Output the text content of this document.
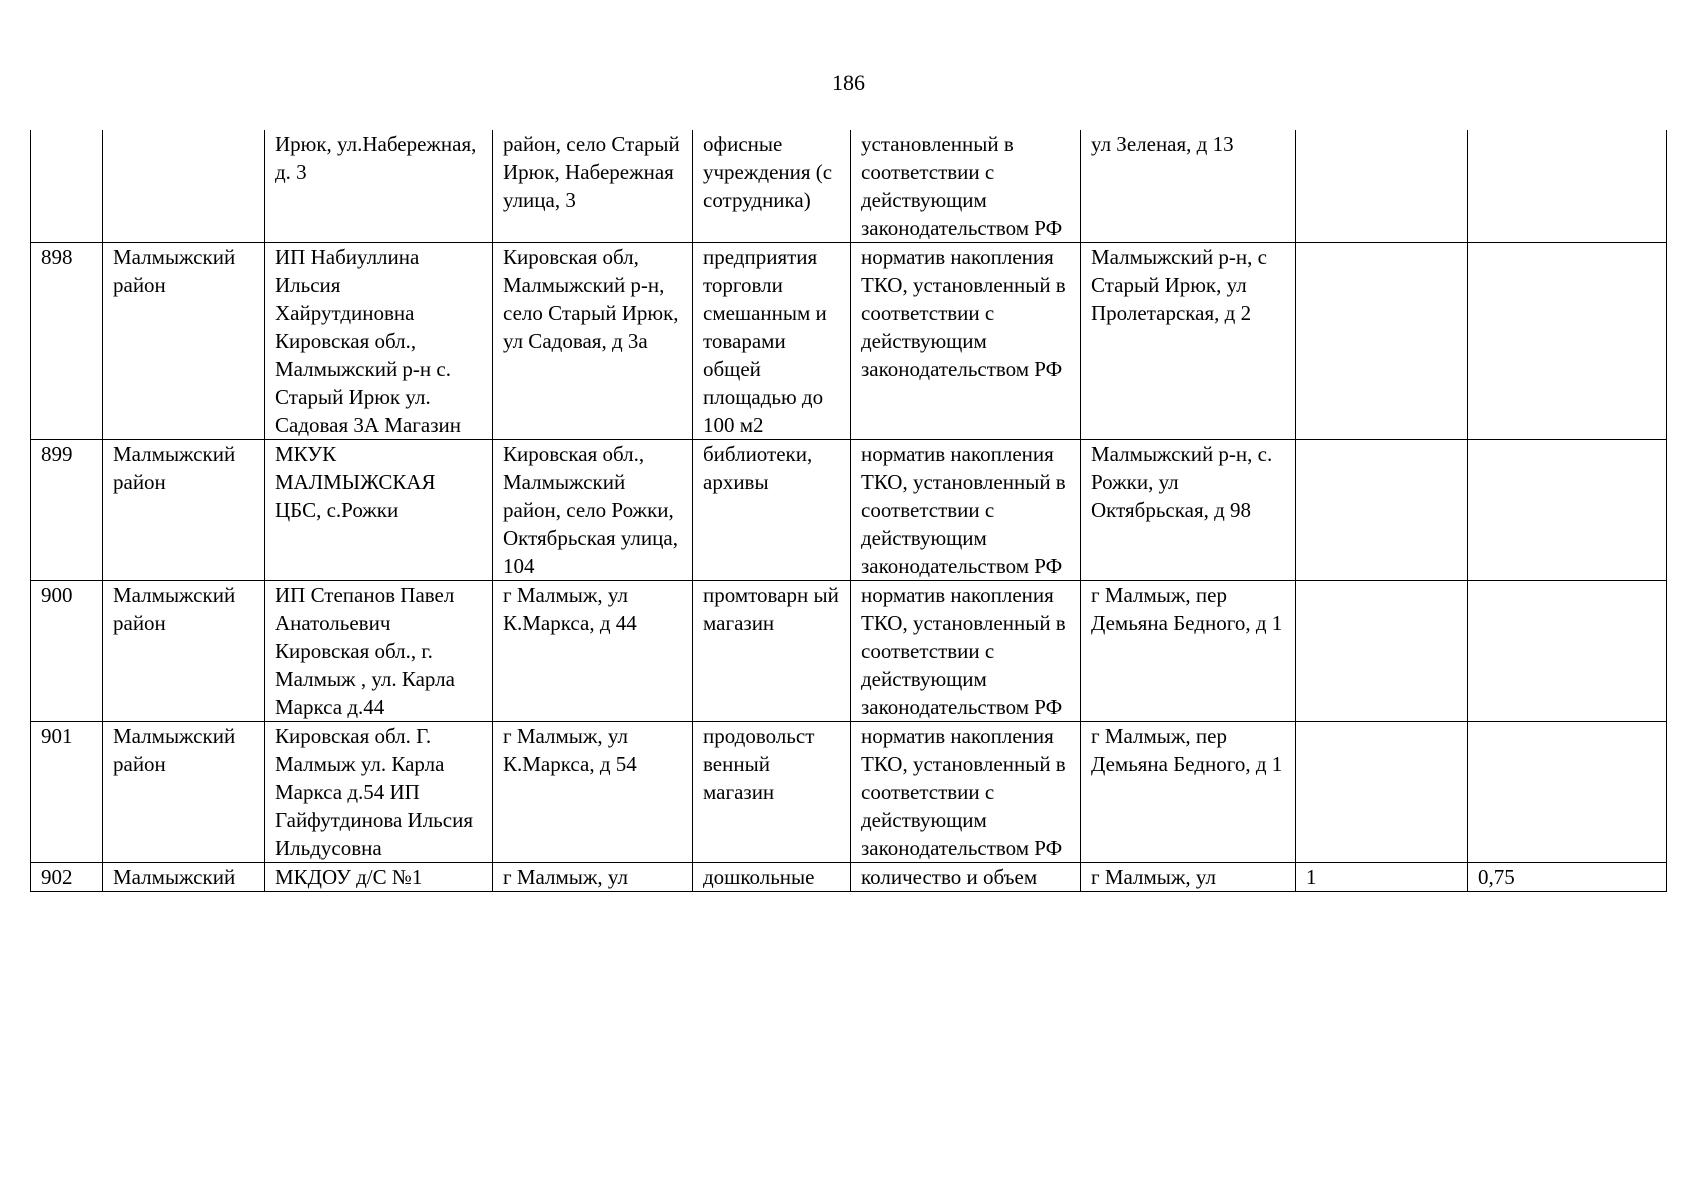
186
		Ирюк, ул.Набережная, д. 3	район, село Старый Ирюк, Набережная улица, 3	офисные учреждения (с сотрудника)	установленный в соответствии с действующим законодательством РФ	ул Зеленая, д 13		
898	Малмыжский район	ИП Набиуллина Ильсия Хайрутдиновна Кировская обл., Малмыжский р-н с. Старый Ирюк ул. Садовая 3А Магазин	Кировская обл, Малмыжский р-н, село Старый Ирюк, ул Садовая, д 3а	предприятия торговли смешанным и товарами общей площадью до 100 м2	норматив накопления ТКО, установленный в соответствии с действующим законодательством РФ	Малмыжский р-н, с Старый Ирюк, ул Пролетарская, д 2		
899	Малмыжский район	МКУК МАЛМЫЖСКАЯ ЦБС, с.Рожки	Кировская обл., Малмыжский район, село Рожки, Октябрьская улица, 104	библиотеки, архивы	норматив накопления ТКО, установленный в соответствии с действующим законодательством РФ	Малмыжский р-н, с. Рожки, ул Октябрьская, д 98		
900	Малмыжский район	ИП Степанов Павел Анатольевич Кировская обл., г. Малмыж , ул. Карла Маркса д.44	г Малмыж, ул К.Маркса, д 44	промтоварн ый магазин	норматив накопления ТКО, установленный в соответствии с действующим законодательством РФ	г Малмыж, пер Демьяна Бедного, д 1		
901	Малмыжский район	Кировская обл. Г. Малмыж ул. Карла Маркса д.54 ИП Гайфутдинова Ильсия Ильдусовна	г Малмыж, ул К.Маркса, д 54	продовольст венный магазин	норматив накопления ТКО, установленный в соответствии с действующим законодательством РФ	г Малмыж, пер Демьяна Бедного, д 1		
902	Малмыжский	МКДОУ д/С №1	г Малмыж, ул	дошкольные	количество и объем	г Малмыж, ул	1	0,75
